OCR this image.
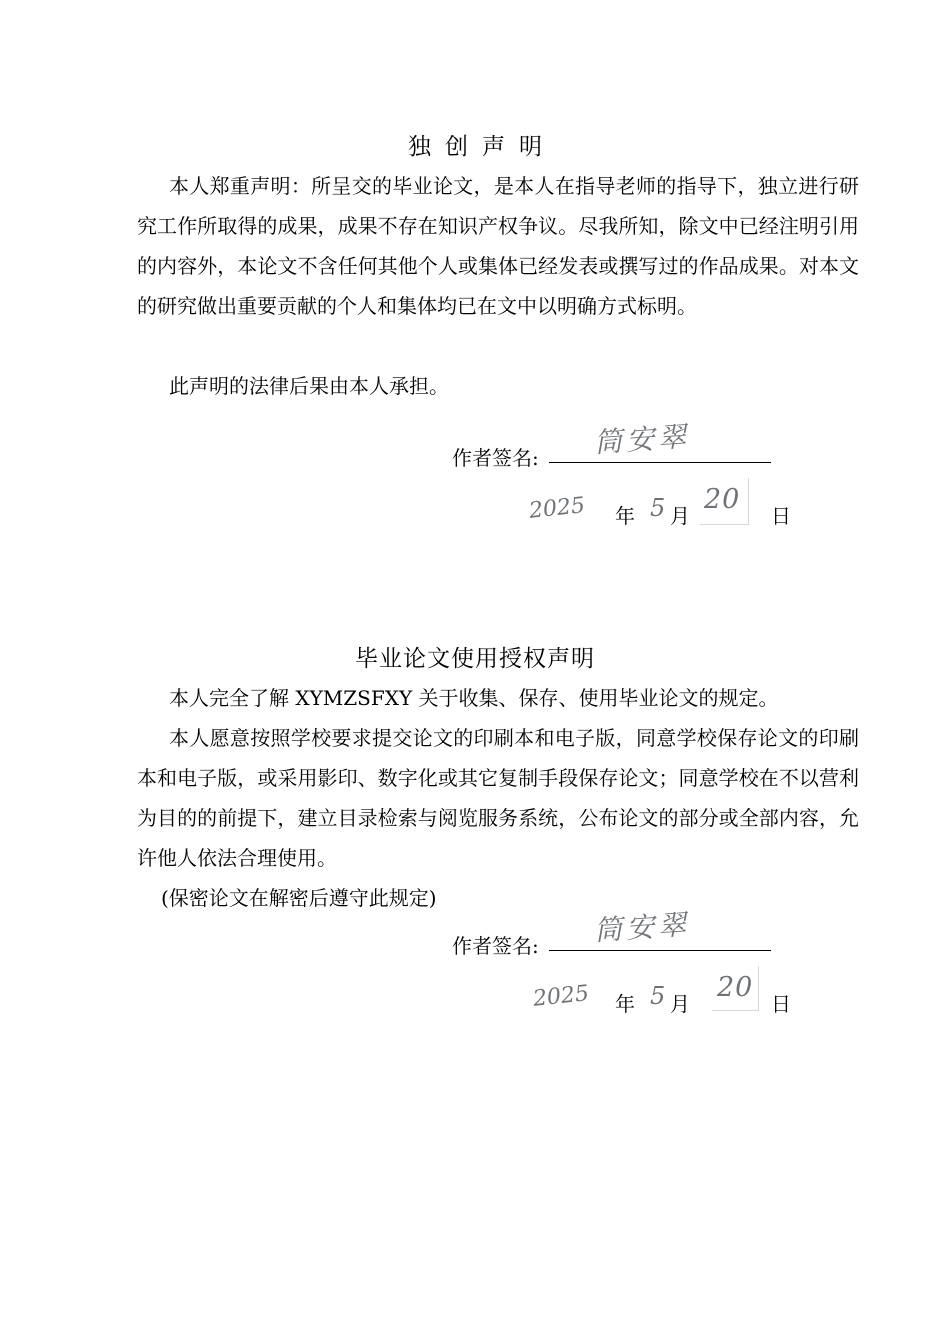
独创声明

本人郑重声明：所呈交的毕业论文，是本人在指导老师的指导下，独立进行研究工作所取得的成果，成果不存在知识产权争议。尽我所知，除文中已经注明引用的内容外，本论文不含任何其他个人或集体已经发表或撰写过的作品成果。对本文的研究做出重要贡献的个人和集体均已在文中以明确方式标明。

此声明的法律后果由本人承担。

作者签名: 筒安翠
2025 年 5 月
20
日
毕业论文使用授权声明

本人完全了解 XYMZSFXY 关于收集、保存、使用毕业论文的规定。

本人愿意按照学校要求提交论文的印刷本和电子版，同意学校保存论文的印刷本和电子版，或采用影印、数字化或其它复制手段保存论文；同意学校在不以营利为目的的前提下，建立目录检索与阅览服务系统，公布论文的部分或全部内容，允许他人依法合理使用。

(保密论文在解密后遵守此规定)

作者签名: 筒安翠
2025 年 5 月
20
日
